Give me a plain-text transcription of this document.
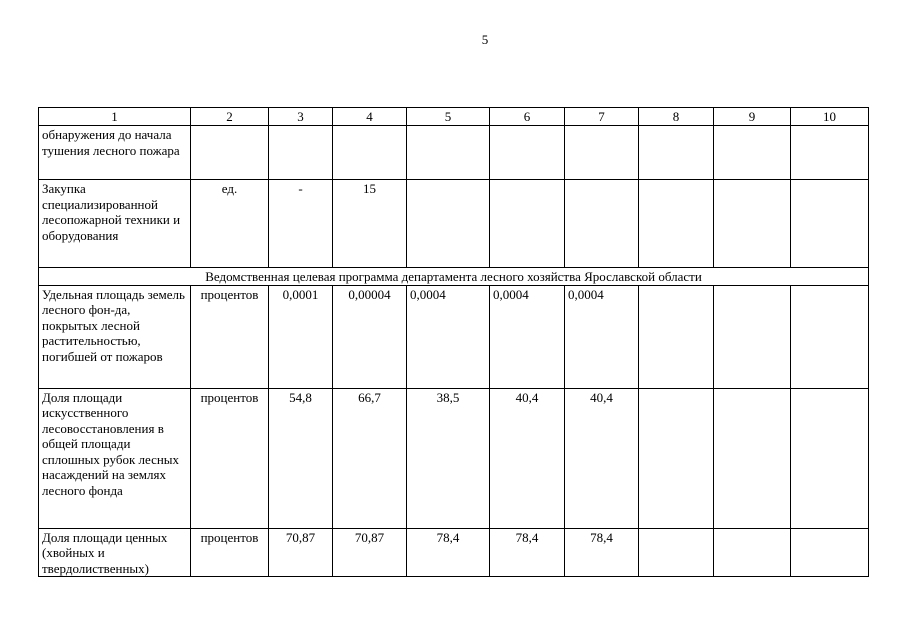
5
1	2	3	4	5	6	7	8	9	10
обнаружения до начала тушения лесного пожара									
Закупка специализированной лесопожарной техники и оборудования	ед.	-	15						
Ведомственная целевая программа департамента лесного хозяйства Ярославской области									
Удельная площадь земель лесного фон-да, покрытых лесной растительностью, погибшей от пожаров	процентов	0,0001	0,00004	0,0004	0,0004	0,0004			
Доля площади искусственного лесовосстановления в общей площади сплошных рубок лесных насаждений на землях лесного фонда	процентов	54,8	66,7	38,5	40,4	40,4			
Доля площади ценных (хвойных и твердолиственных)	процентов	70,87	70,87	78,4	78,4	78,4			
